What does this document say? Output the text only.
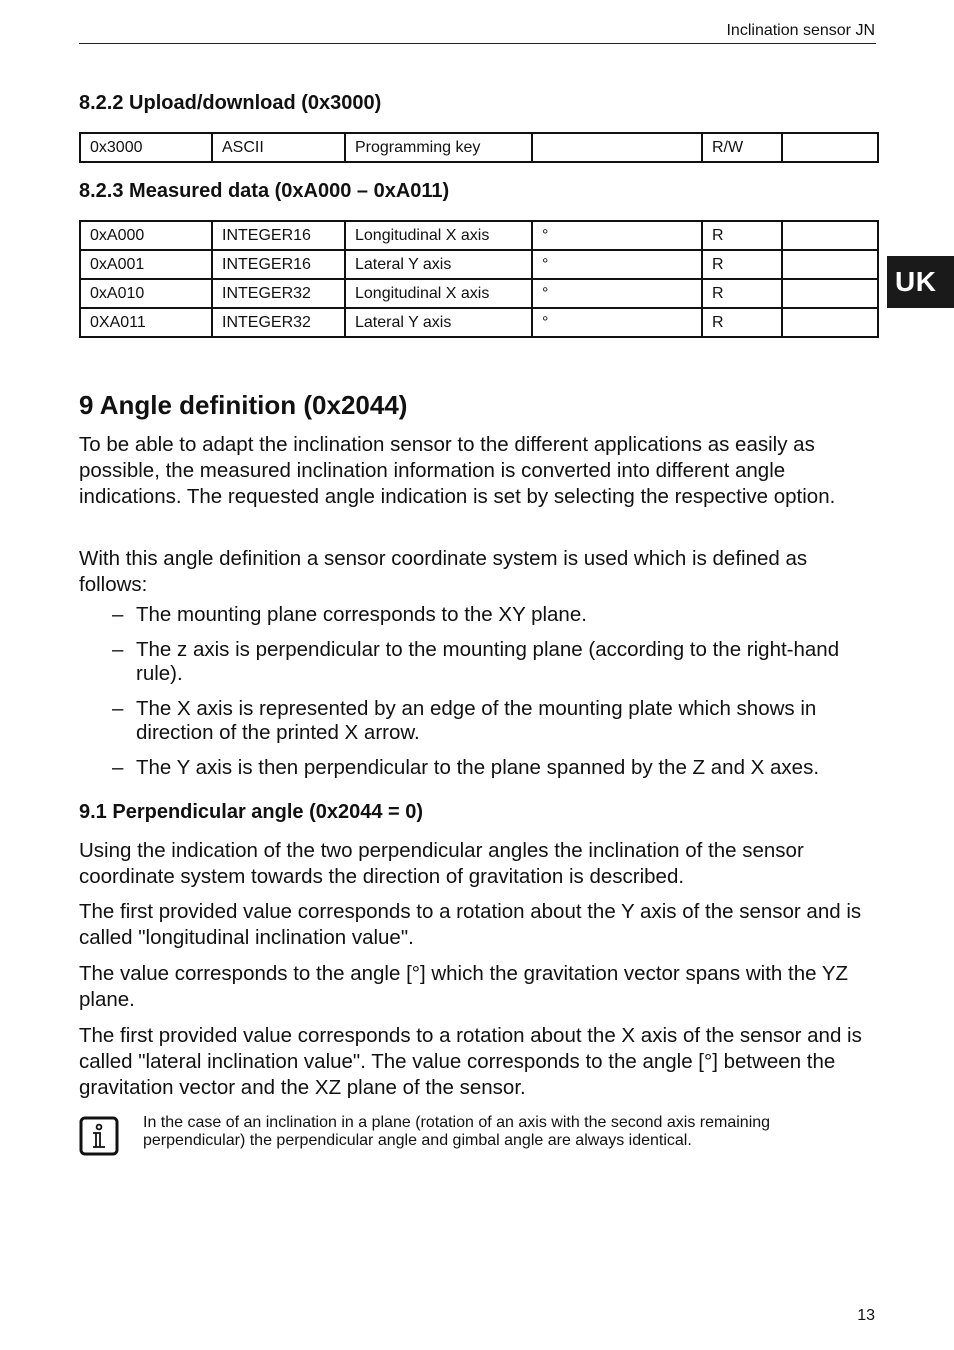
Inclination sensor JN
UK
8.2.2 Upload/download (0x3000)
0x3000	ASCII	Programming key		R/W	
8.2.3 Measured data (0xA000 – 0xA011)
0xA000	INTEGER16	Longitudinal X axis	°	R	
0xA001	INTEGER16	Lateral Y axis	°	R	
0xA010	INTEGER32	Longitudinal X axis	°	R	
0XA011	INTEGER32	Lateral Y axis	°	R	
9 Angle definition (0x2044)

To be able to adapt the inclination sensor to the different applications as easily as possible, the measured inclination information is converted into different angle indications. The requested angle indication is set by selecting the respective option.

With this angle definition a sensor coordinate system is used which is defined as follows:

– The mounting plane corresponds to the XY plane.
– The z axis is perpendicular to the mounting plane (according to the right-hand rule).
– The X axis is represented by an edge of the mounting plate which shows in direction of the printed X arrow.
– The Y axis is then perpendicular to the plane spanned by the Z and X axes.
9.1 Perpendicular angle (0x2044 = 0)

Using the indication of the two perpendicular angles the inclination of the sensor coordinate system towards the direction of gravitation is described.

The first provided value corresponds to a rotation about the Y axis of the sensor and is called "longitudinal inclination value".

The value corresponds to the angle [°] which the gravitation vector spans with the YZ plane.

The first provided value corresponds to a rotation about the X axis of the sensor and is called "lateral inclination value". The value corresponds to the angle [°] between the gravitation vector and the XZ plane of the sensor.

In the case of an inclination in a plane (rotation of an axis with the second axis remaining perpendicular) the perpendicular angle and gimbal angle are always identical.

13
